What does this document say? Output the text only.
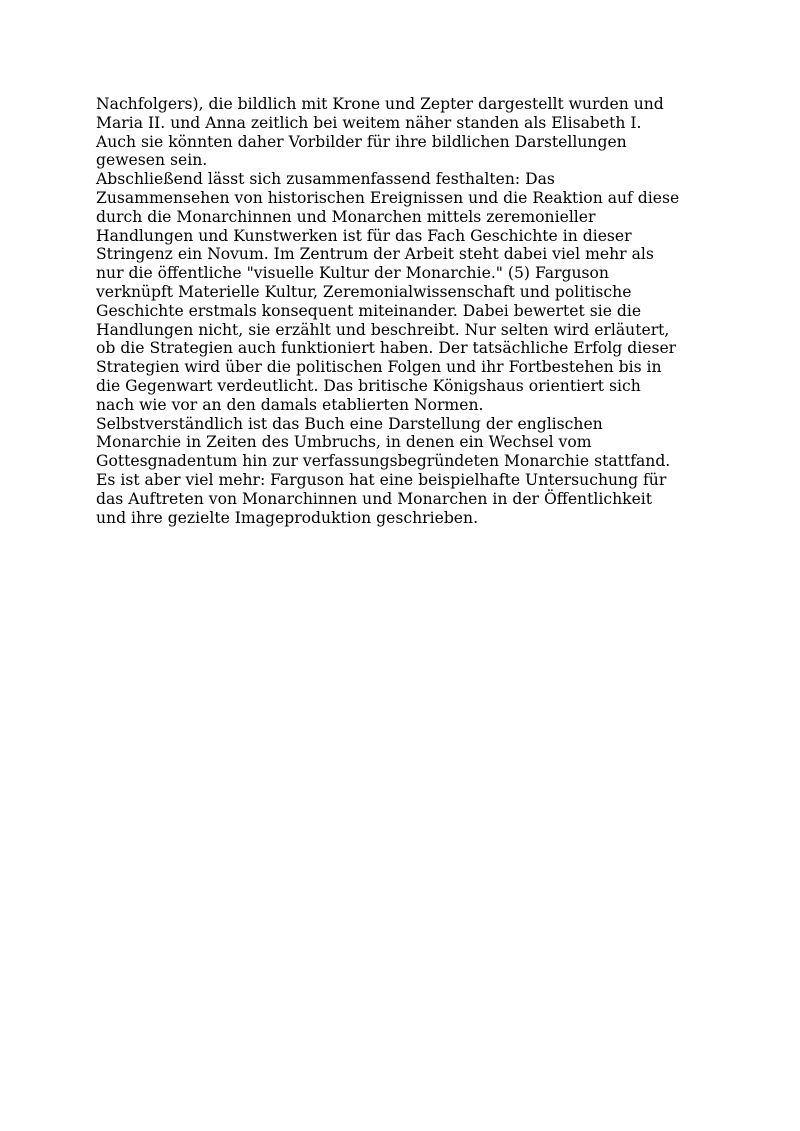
Nachfolgers), die bildlich mit Krone und Zepter dargestellt wurden und
Maria II. und Anna zeitlich bei weitem näher standen als Elisabeth I.
Auch sie könnten daher Vorbilder für ihre bildlichen Darstellungen
gewesen sein.
Abschließend lässt sich zusammenfassend festhalten: Das
Zusammensehen von historischen Ereignissen und die Reaktion auf diese
durch die Monarchinnen und Monarchen mittels zeremonieller
Handlungen und Kunstwerken ist für das Fach Geschichte in dieser
Stringenz ein Novum. Im Zentrum der Arbeit steht dabei viel mehr als
nur die öffentliche "visuelle Kultur der Monarchie." (5) Farguson
verknüpft Materielle Kultur, Zeremonialwissenschaft und politische
Geschichte erstmals konsequent miteinander. Dabei bewertet sie die
Handlungen nicht, sie erzählt und beschreibt. Nur selten wird erläutert,
ob die Strategien auch funktioniert haben. Der tatsächliche Erfolg dieser
Strategien wird über die politischen Folgen und ihr Fortbestehen bis in
die Gegenwart verdeutlicht. Das britische Königshaus orientiert sich
nach wie vor an den damals etablierten Normen.
Selbstverständlich ist das Buch eine Darstellung der englischen
Monarchie in Zeiten des Umbruchs, in denen ein Wechsel vom
Gottesgnadentum hin zur verfassungsbegründeten Monarchie stattfand.
Es ist aber viel mehr: Farguson hat eine beispielhafte Untersuchung für
das Auftreten von Monarchinnen und Monarchen in der Öffentlichkeit
und ihre gezielte Imageproduktion geschrieben.
